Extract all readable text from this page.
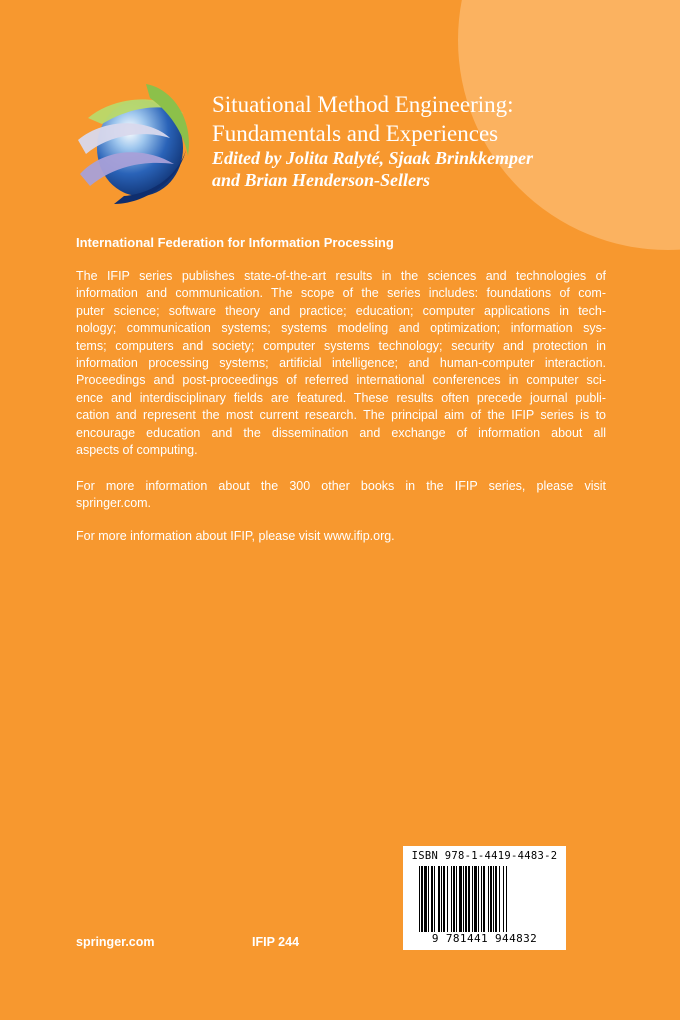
Situational Method Engineering:
Fundamentals and Experiences
Edited by Jolita Ralyté, Sjaak Brinkkemper
and Brian Henderson-Sellers
International Federation for Information Processing

The IFIP series publishes state-of-the-art results in the sciences and technologies of

information and communication. The scope of the series includes: foundations of com-

puter science; software theory and practice; education; computer applications in tech-

nology; communication systems; systems modeling and optimization; information sys-

tems; computers and society; computer systems technology; security and protection in

information processing systems; artificial intelligence; and human-computer interaction.

Proceedings and post-proceedings of referred international conferences in computer sci-

ence and interdisciplinary fields are featured. These results often precede journal publi-

cation and represent the most current research. The principal aim of the IFIP series is to

encourage education and the dissemination and exchange of information about all

aspects of computing.

For more information about the 300 other books in the IFIP series, please visit

springer.com.

For more information about IFIP, please visit www.ifip.org.

ISBN 978-1-4419-4483-2
9 781441 944832
springer.com	IFIP 244
